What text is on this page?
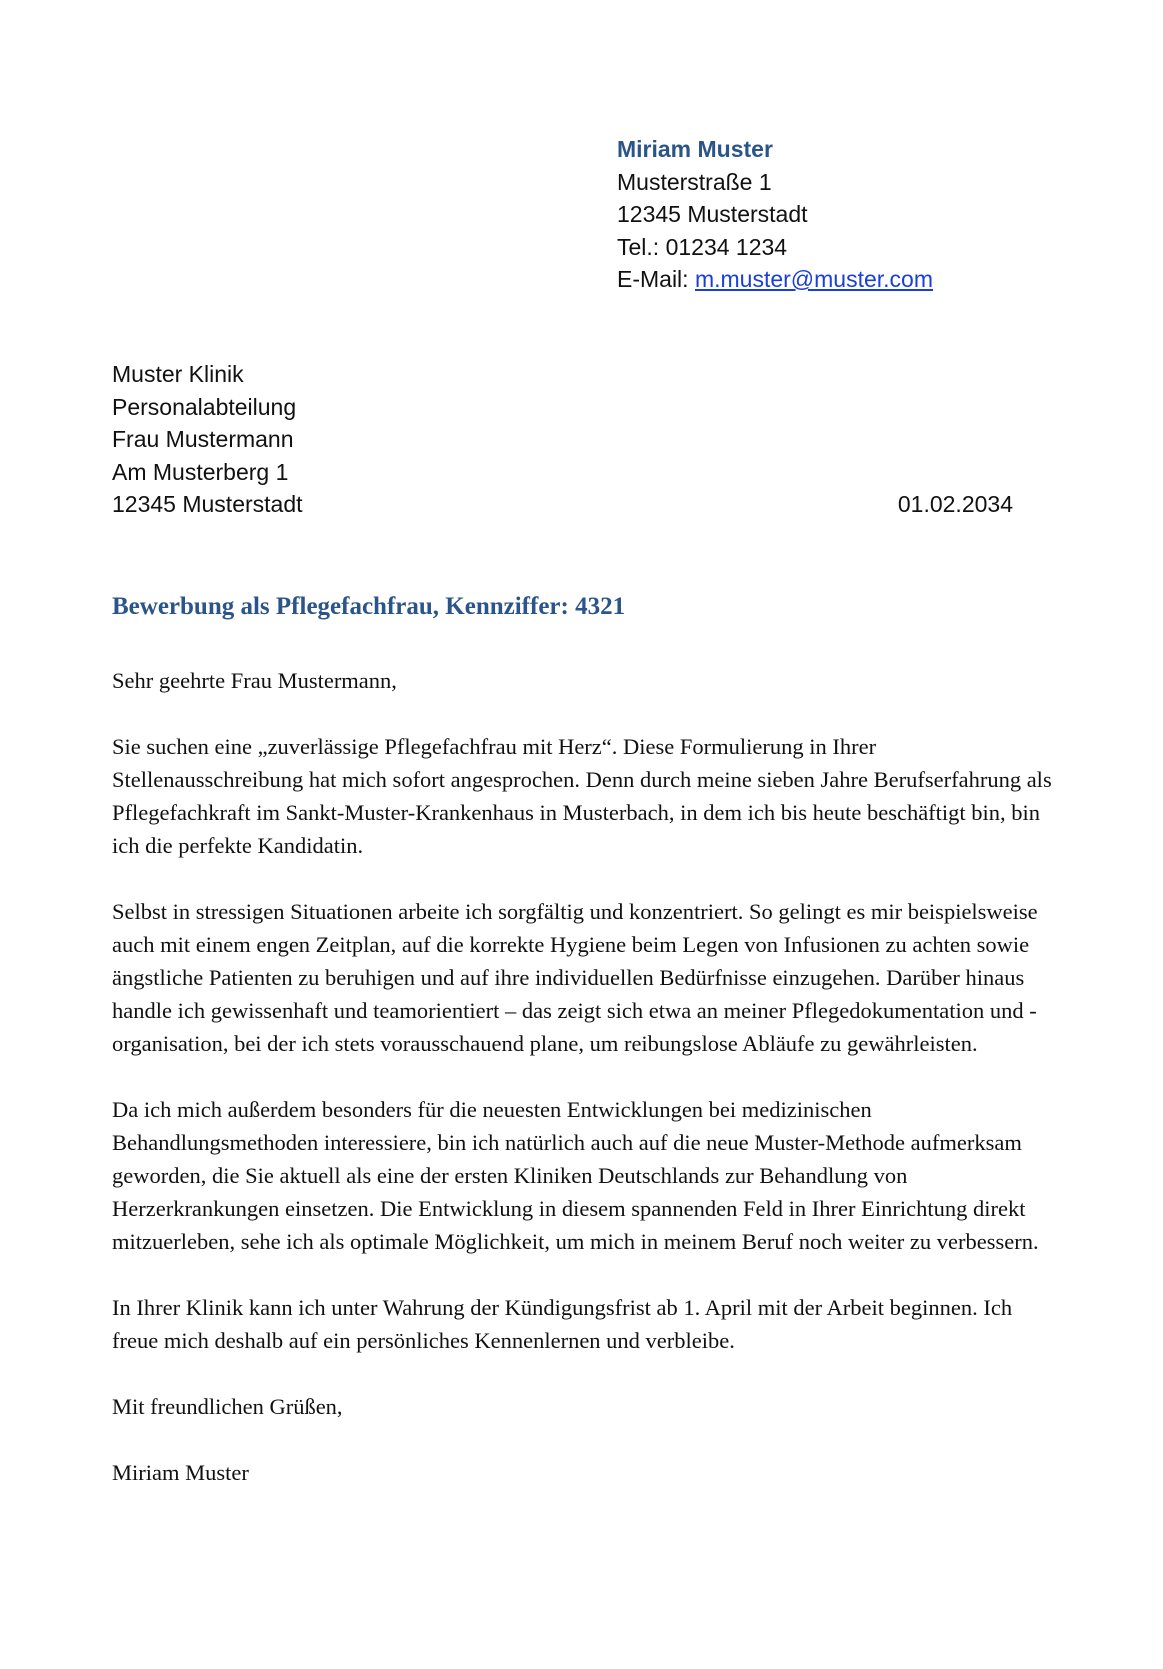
Miriam Muster
Musterstraße 1
12345 Musterstadt
Tel.: 01234 1234
E-Mail: m.muster@muster.com
Muster Klinik
Personalabteilung
Frau Mustermann
Am Musterberg 1
12345 Musterstadt	01.02.2034
Bewerbung als Pflegefachfrau, Kennziffer: 4321

Sehr geehrte Frau Mustermann,

Sie suchen eine „zuverlässige Pflegefachfrau mit Herz“. Diese Formulierung in Ihrer Stellenausschreibung hat mich sofort angesprochen. Denn durch meine sieben Jahre Berufserfahrung als Pflegefachkraft im Sankt-Muster-Krankenhaus in Musterbach, in dem ich bis heute beschäftigt bin, bin ich die perfekte Kandidatin.

Selbst in stressigen Situationen arbeite ich sorgfältig und konzentriert. So gelingt es mir beispielsweise auch mit einem engen Zeitplan, auf die korrekte Hygiene beim Legen von Infusionen zu achten sowie ängstliche Patienten zu beruhigen und auf ihre individuellen Bedürfnisse einzugehen. Darüber hinaus handle ich gewissenhaft und teamorientiert – das zeigt sich etwa an meiner Pflegedokumentation und -organisation, bei der ich stets vorausschauend plane, um reibungslose Abläufe zu gewährleisten.

Da ich mich außerdem besonders für die neuesten Entwicklungen bei medizinischen Behandlungsmethoden interessiere, bin ich natürlich auch auf die neue Muster-Methode aufmerksam geworden, die Sie aktuell als eine der ersten Kliniken Deutschlands zur Behandlung von Herzerkrankungen einsetzen. Die Entwicklung in diesem spannenden Feld in Ihrer Einrichtung direkt mitzuerleben, sehe ich als optimale Möglichkeit, um mich in meinem Beruf noch weiter zu verbessern.

In Ihrer Klinik kann ich unter Wahrung der Kündigungsfrist ab 1. April mit der Arbeit beginnen. Ich freue mich deshalb auf ein persönliches Kennenlernen und verbleibe.

Mit freundlichen Grüßen,

Miriam Muster
